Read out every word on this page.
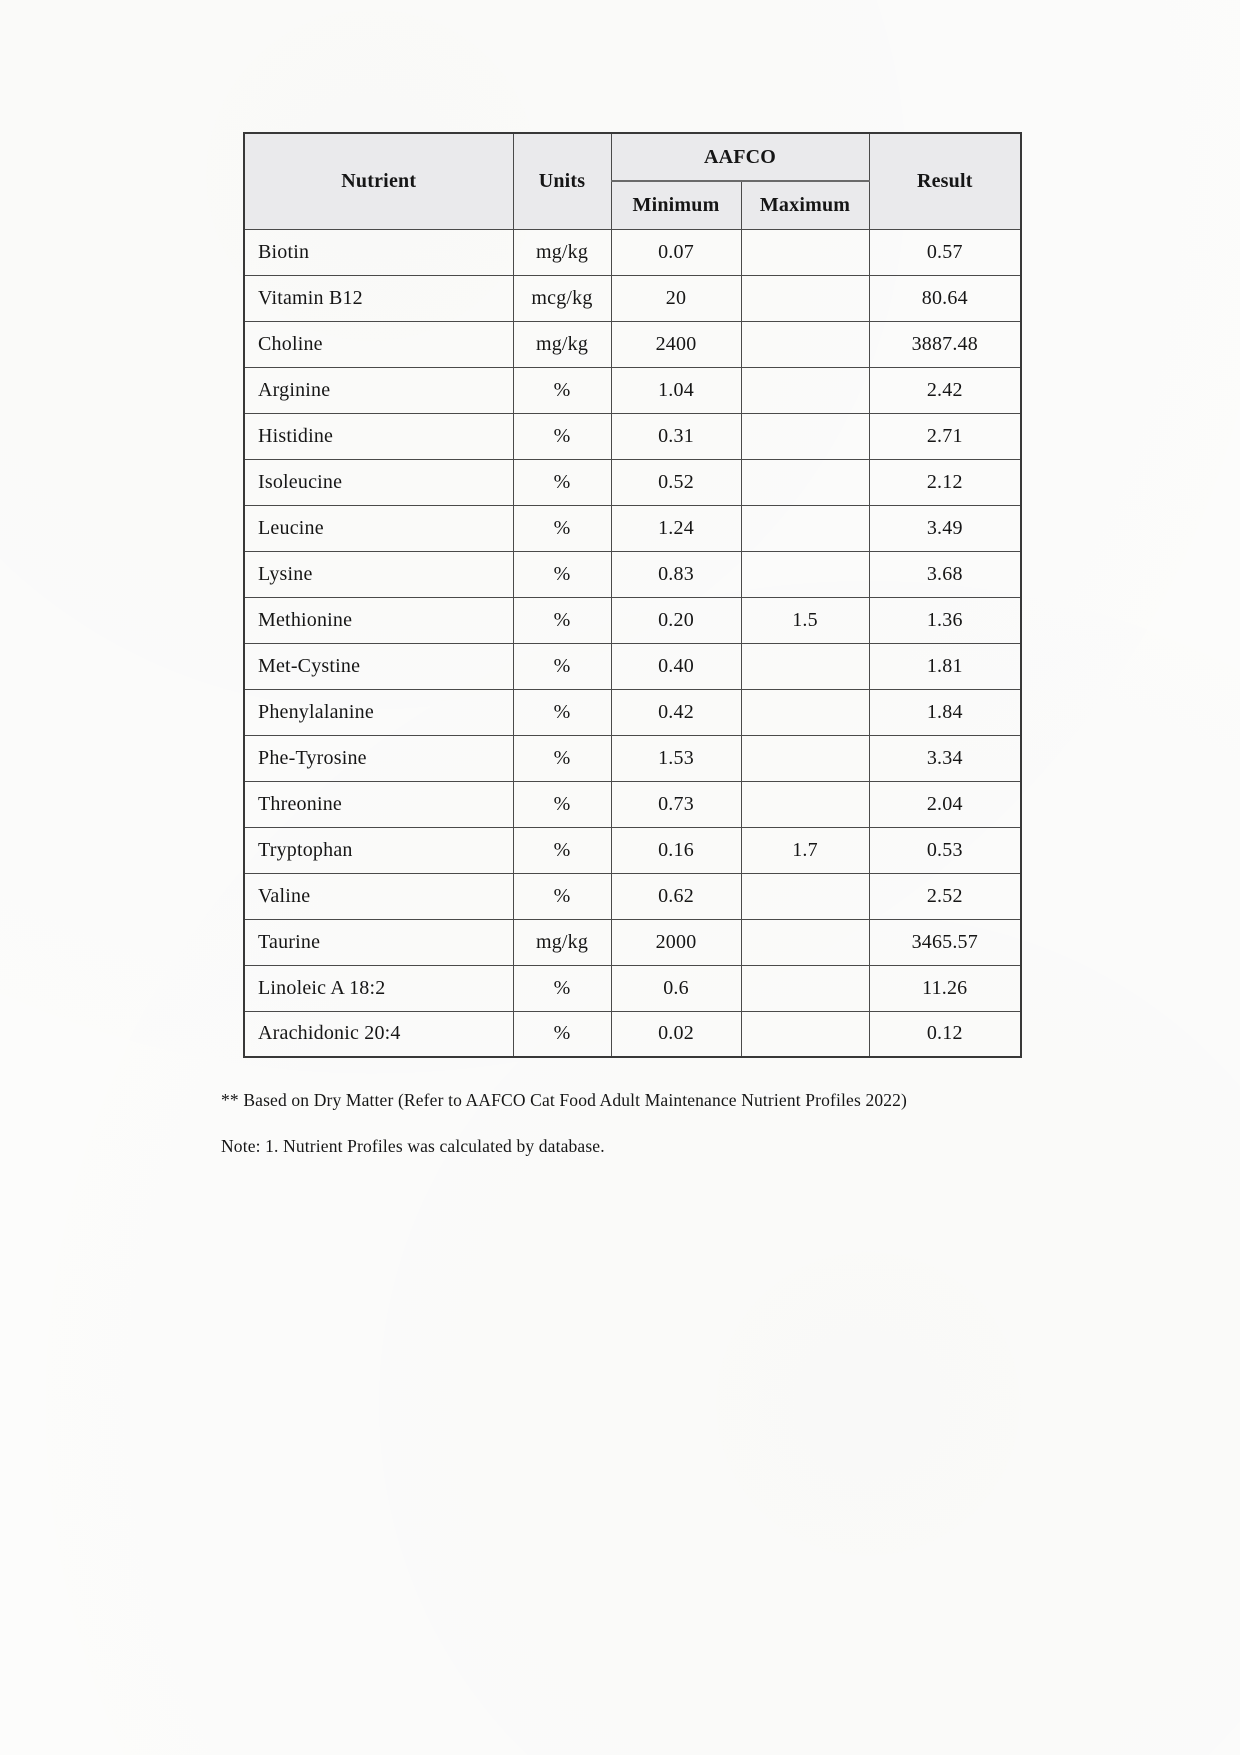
Nutrient	Units	AAFCO		Result
		Minimum	Maximum	
Biotin	mg/kg	0.07		0.57
Vitamin B12	mcg/kg	20		80.64
Choline	mg/kg	2400		3887.48
Arginine	%	1.04		2.42
Histidine	%	0.31		2.71
Isoleucine	%	0.52		2.12
Leucine	%	1.24		3.49
Lysine	%	0.83		3.68
Methionine	%	0.20	1.5	1.36
Met-Cystine	%	0.40		1.81
Phenylalanine	%	0.42		1.84
Phe-Tyrosine	%	1.53		3.34
Threonine	%	0.73		2.04
Tryptophan	%	0.16	1.7	0.53
Valine	%	0.62		2.52
Taurine	mg/kg	2000		3465.57
Linoleic A 18:2	%	0.6		11.26
Arachidonic 20:4	%	0.02		0.12
** Based on Dry Matter (Refer to AAFCO Cat Food Adult Maintenance Nutrient Profiles 2022)
Note: 1. Nutrient Profiles was calculated by database.
